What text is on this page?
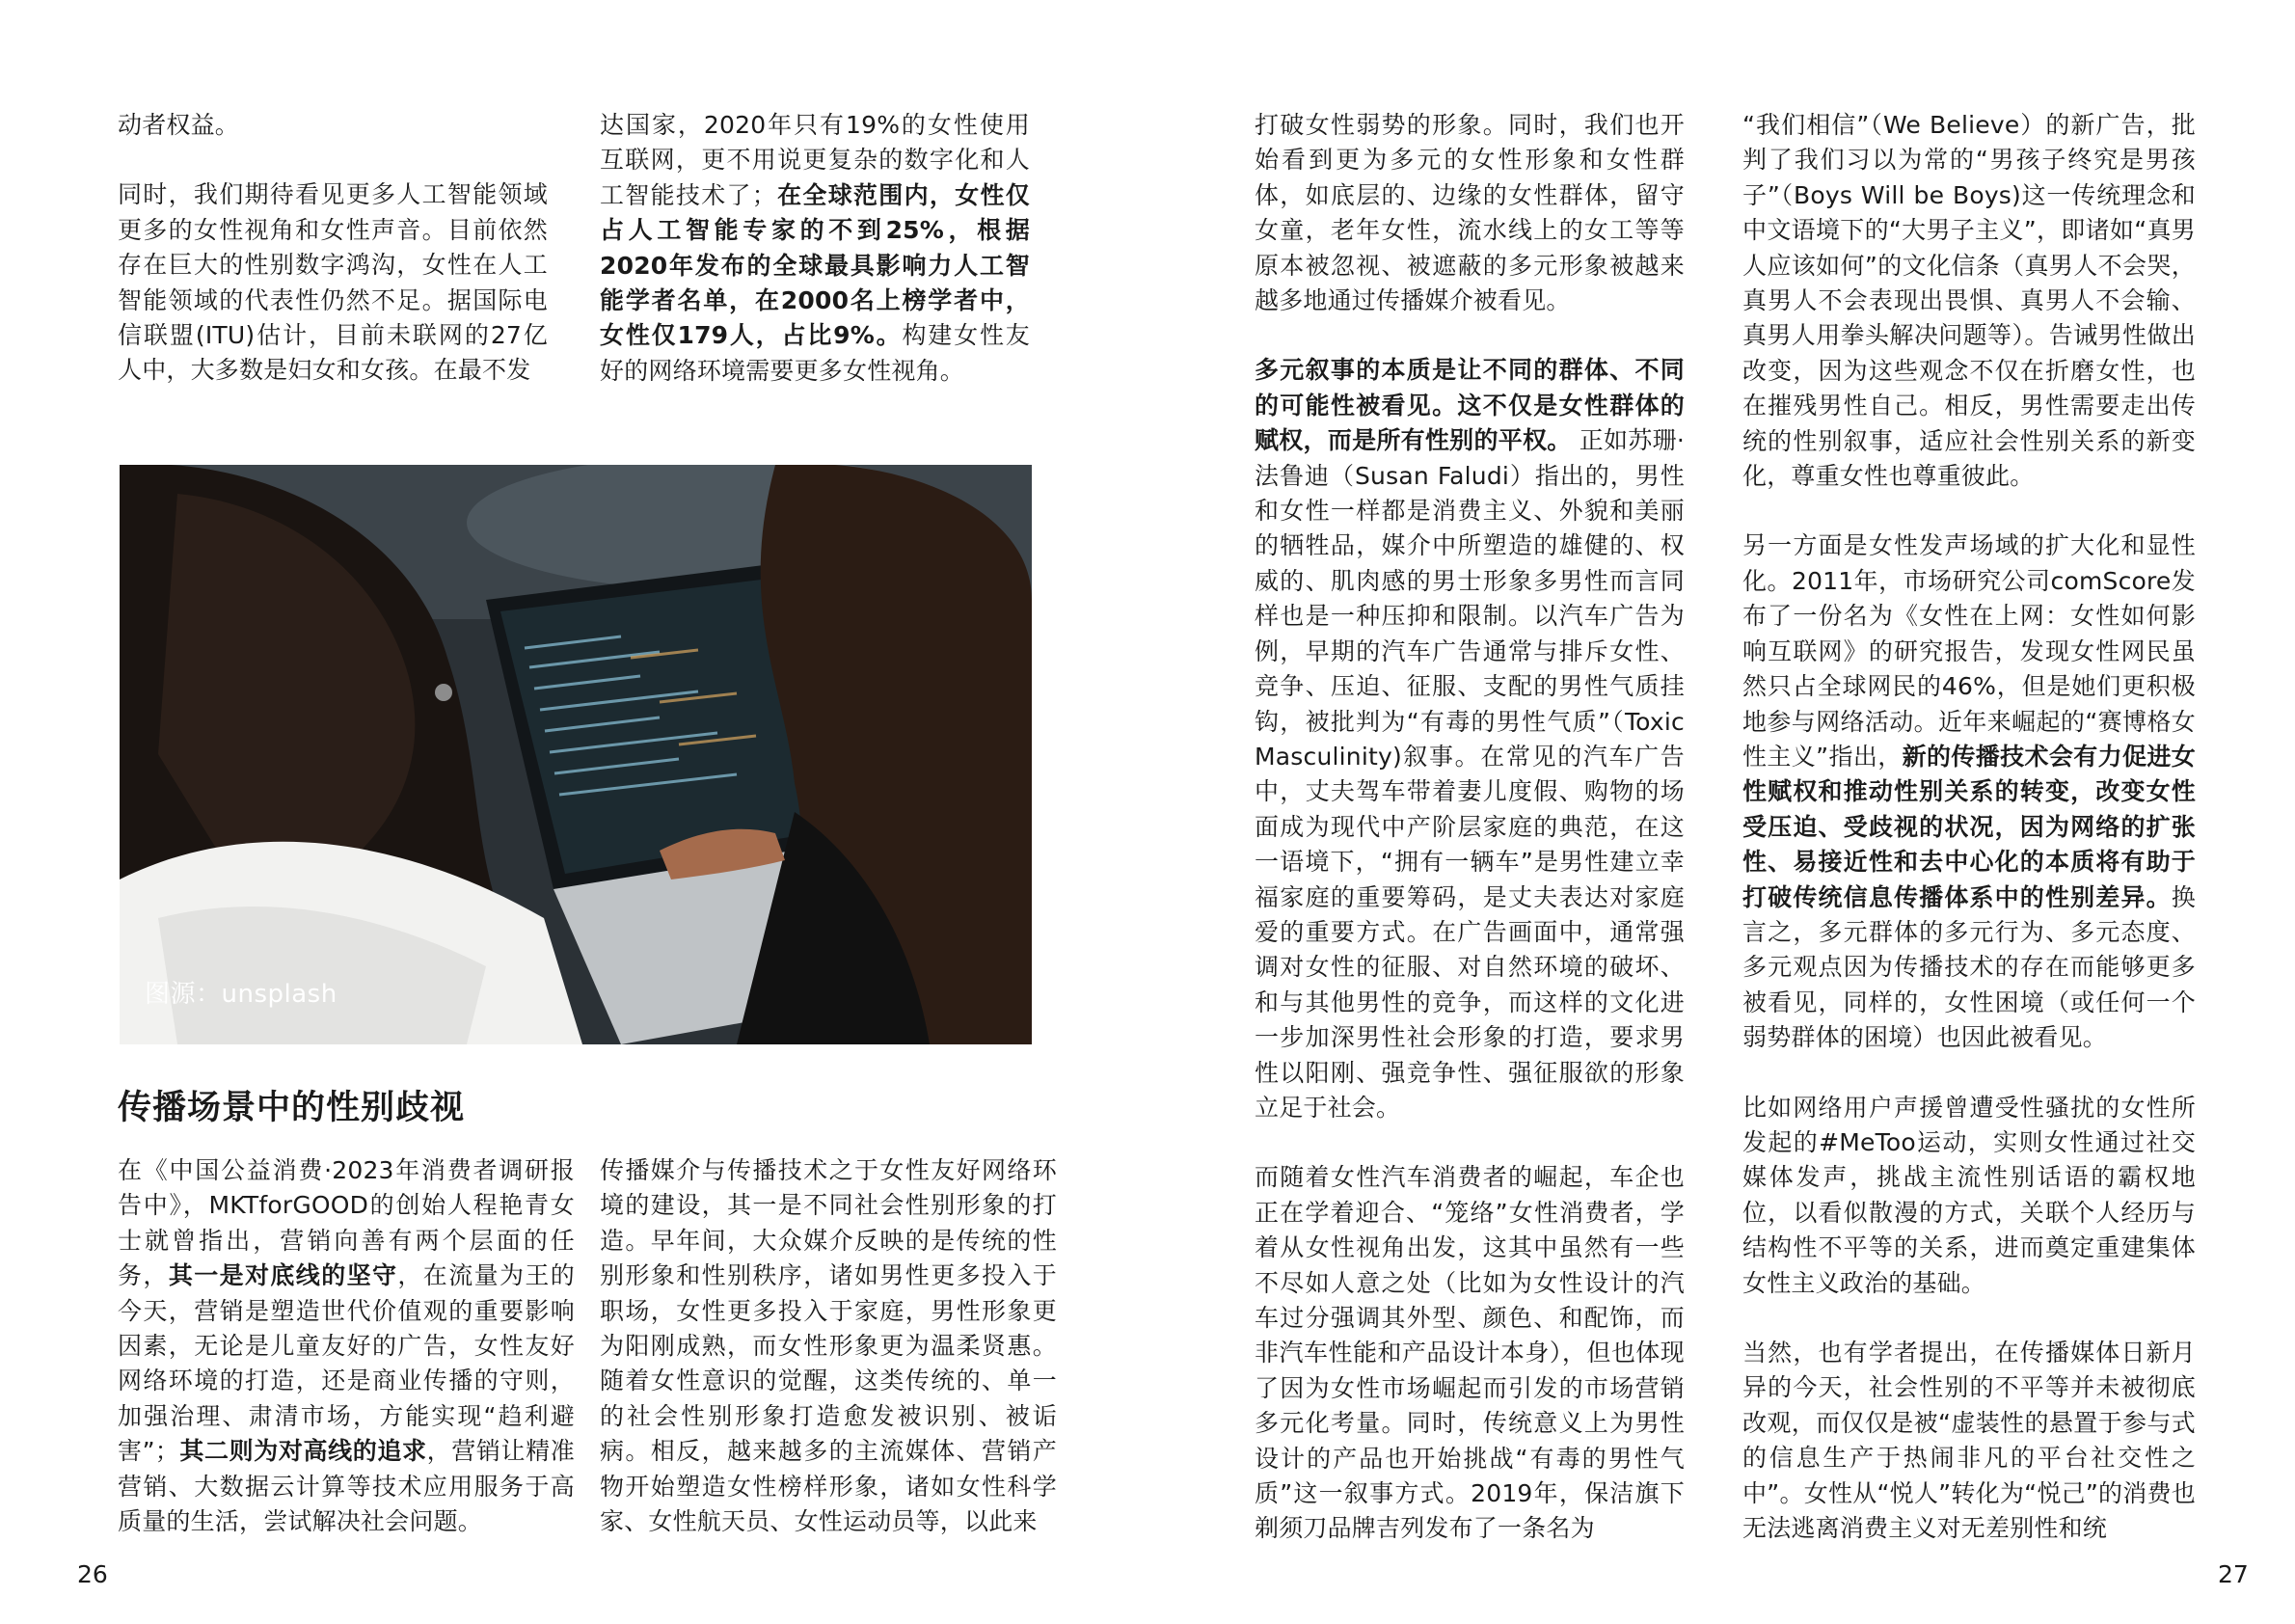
动者权益。

同时，我们期待看见更多人工智能领域更多的女性视角和女性声音。目前依然存在巨大的性别数字鸿沟，女性在人工智能领域的代表性仍然不足。据国际电信联盟(ITU)估计，目前未联网的27亿人中，大多数是妇女和女孩。在最不发

达国家，2020年只有19%的女性使用互联网，更不用说更复杂的数字化和人工智能技术了；在全球范围内，女性仅占人工智能专家的不到25%，根据2020年发布的全球最具影响力人工智能学者名单，在2000名上榜学者中，女性仅179人，占比9%。构建女性友好的网络环境需要更多女性视角。

图源：unsplash
传播场景中的性别歧视

在《中国公益消费·2023年消费者调研报告中》，MKTforGOOD的创始人程艳青女士就曾指出，营销向善有两个层面的任务，其一是对底线的坚守，在流量为王的今天，营销是塑造世代价值观的重要影响因素，无论是儿童友好的广告，女性友好网络环境的打造，还是商业传播的守则，加强治理、肃清市场，方能实现“趋利避害”；其二则为对高线的追求，营销让精准营销、大数据云计算等技术应用服务于高质量的生活，尝试解决社会问题。

传播媒介与传播技术之于女性友好网络环境的建设，其一是不同社会性别形象的打造。早年间，大众媒介反映的是传统的性别形象和性别秩序，诸如男性更多投入于职场，女性更多投入于家庭，男性形象更为阳刚成熟，而女性形象更为温柔贤惠。随着女性意识的觉醒，这类传统的、单一的社会性别形象打造愈发被识别、被诟病。相反，越来越多的主流媒体、营销产物开始塑造女性榜样形象，诸如女性科学家、女性航天员、女性运动员等，以此来

26

打破女性弱势的形象。同时，我们也开始看到更为多元的女性形象和女性群体，如底层的、边缘的女性群体，留守女童，老年女性，流水线上的女工等等原本被忽视、被遮蔽的多元形象被越来越多地通过传播媒介被看见。

多元叙事的本质是让不同的群体、不同的可能性被看见。这不仅是女性群体的赋权，而是所有性别的平权。 正如苏珊·法鲁迪（Susan Faludi）指出的，男性和女性一样都是消费主义、外貌和美丽的牺牲品，媒介中所塑造的雄健的、权威的、肌肉感的男士形象多男性而言同样也是一种压抑和限制。以汽车广告为例，早期的汽车广告通常与排斥女性、竞争、压迫、征服、支配的男性气质挂钩，被批判为“有毒的男性气质”（Toxic Masculinity)叙事。在常见的汽车广告中，丈夫驾车带着妻儿度假、购物的场面成为现代中产阶层家庭的典范，在这一语境下，“拥有一辆车”是男性建立幸福家庭的重要筹码，是丈夫表达对家庭爱的重要方式。在广告画面中，通常强调对女性的征服、对自然环境的破坏、和与其他男性的竞争，而这样的文化进一步加深男性社会形象的打造，要求男性以阳刚、强竞争性、强征服欲的形象立足于社会。

而随着女性汽车消费者的崛起，车企也正在学着迎合、“笼络”女性消费者，学着从女性视角出发，这其中虽然有一些不尽如人意之处（比如为女性设计的汽车过分强调其外型、颜色、和配饰，而非汽车性能和产品设计本身），但也体现了因为女性市场崛起而引发的市场营销多元化考量。同时，传统意义上为男性设计的产品也开始挑战“有毒的男性气质”这一叙事方式。2019年，保洁旗下剃须刀品牌吉列发布了一条名为

“我们相信”（We Believe）的新广告，批判了我们习以为常的“男孩子终究是男孩子”（Boys Will be Boys)这一传统理念和中文语境下的“大男子主义”，即诸如“真男人应该如何”的文化信条（真男人不会哭，真男人不会表现出畏惧、真男人不会输、真男人用拳头解决问题等）。告诫男性做出改变，因为这些观念不仅在折磨女性，也在摧残男性自己。相反，男性需要走出传统的性别叙事，适应社会性别关系的新变化，尊重女性也尊重彼此。

另一方面是女性发声场域的扩大化和显性化。2011年，市场研究公司comScore发布了一份名为《女性在上网：女性如何影响互联网》的研究报告，发现女性网民虽然只占全球网民的46%，但是她们更积极地参与网络活动。近年来崛起的“赛博格女性主义”指出，新的传播技术会有力促进女性赋权和推动性别关系的转变，改变女性受压迫、受歧视的状况，因为网络的扩张性、易接近性和去中心化的本质将有助于打破传统信息传播体系中的性别差异。换言之，多元群体的多元行为、多元态度、多元观点因为传播技术的存在而能够更多被看见，同样的，女性困境（或任何一个弱势群体的困境）也因此被看见。

比如网络用户声援曾遭受性骚扰的女性所发起的#MeToo运动，实则女性通过社交媒体发声，挑战主流性别话语的霸权地位，以看似散漫的方式，关联个人经历与结构性不平等的关系，进而奠定重建集体女性主义政治的基础。

当然，也有学者提出，在传播媒体日新月异的今天，社会性别的不平等并未被彻底改观，而仅仅是被“虚装性的悬置于参与式的信息生产于热闹非凡的平台社交性之中”。女性从“悦人”转化为“悦己”的消费也无法逃离消费主义对无差别性和统

27
